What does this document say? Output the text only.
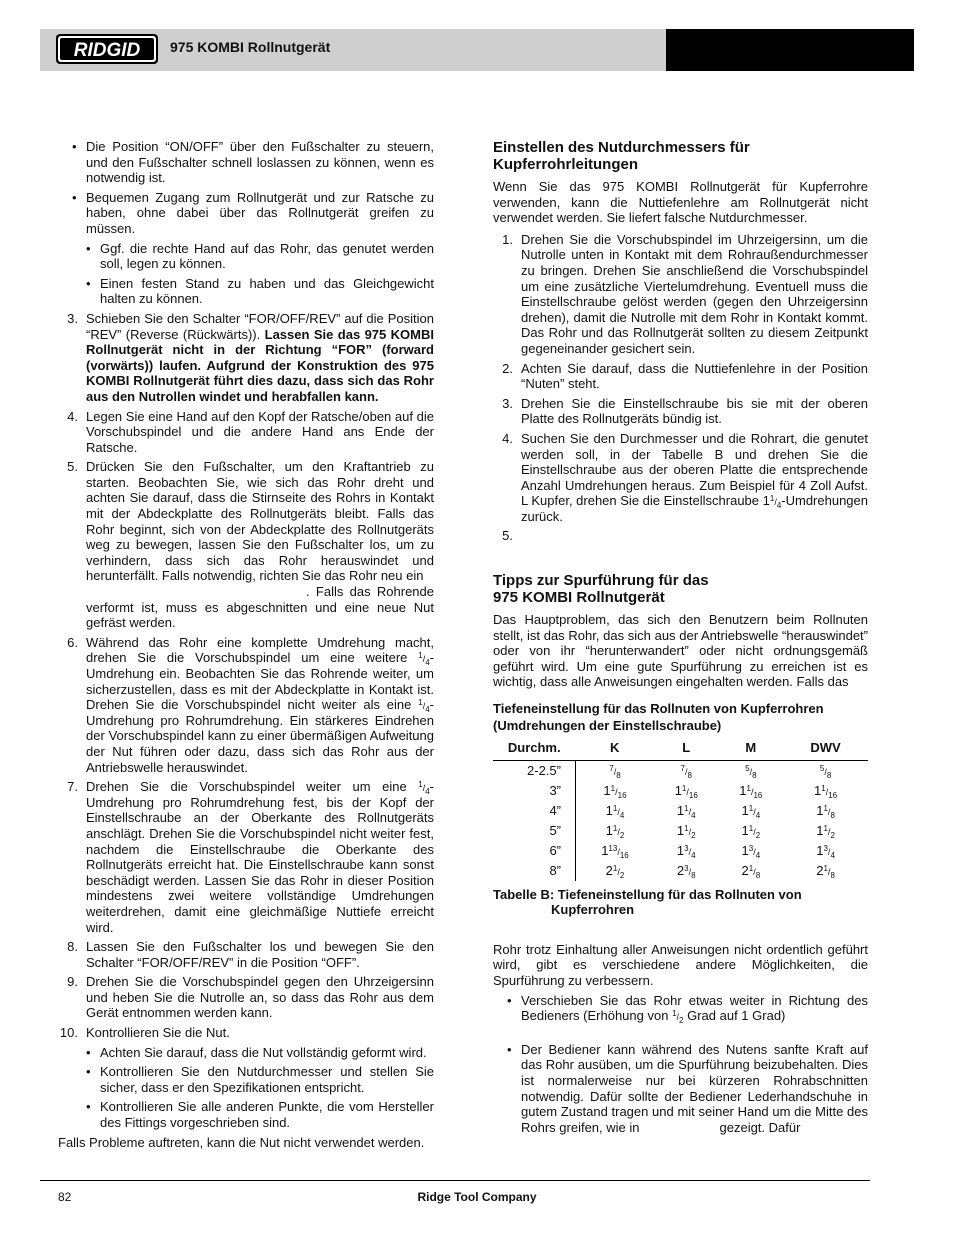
RIDGID 975 KOMBI Rollnutgerät
• Die Position “ON/OFF” über den Fußschalter zu steuern, und den Fußschalter schnell loslassen zu können, wenn es notwendig ist.
• Bequemen Zugang zum Rollnutgerät und zur Ratsche zu haben, ohne dabei über das Rollnutgerät greifen zu müssen.
• Ggf. die rechte Hand auf das Rohr, das genutet werden soll, legen zu können.
• Einen festen Stand zu haben und das Gleichgewicht halten zu können.
3. Schieben Sie den Schalter “FOR/OFF/REV” auf die Position “REV” (Reverse (Rückwärts)). Lassen Sie das 975 KOMBI Rollnutgerät nicht in der Richtung “FOR” (forward (vorwärts)) laufen. Aufgrund der Konstruktion des 975 KOMBI Rollnutgerät führt dies dazu, dass sich das Rohr aus den Nutrollen windet und herabfallen kann.
4. Legen Sie eine Hand auf den Kopf der Ratsche/oben auf die Vorschubspindel und die andere Hand ans Ende der Ratsche.
5. Drücken Sie den Fußschalter, um den Kraftantrieb zu starten. Beobachten Sie, wie sich das Rohr dreht und achten Sie darauf, dass die Stirnseite des Rohrs in Kontakt mit der Abdeckplatte des Rollnutgeräts bleibt. Falls das Rohr beginnt, sich von der Abdeckplatte des Rollnutgeräts weg zu bewegen, lassen Sie den Fußschalter los, um zu verhindern, dass sich das Rohr herauswindet und herunterfällt. Falls notwendig, richten Sie das Rohr neu ein
. Falls das Rohrende verformt ist, muss es abgeschnitten und eine neue Nut gefräst werden.
6. Während das Rohr eine komplette Umdrehung macht, drehen Sie die Vorschubspindel um eine weitere $^1/_4$-Umdrehung ein. Beobachten Sie das Rohrende weiter, um sicherzustellen, dass es mit der Abdeckplatte in Kontakt ist. Drehen Sie die Vorschubspindel nicht weiter als eine $^1/_4$-Umdrehung pro Rohrumdrehung. Ein stärkeres Eindrehen der Vorschubspindel kann zu einer übermäßigen Aufweitung der Nut führen oder dazu, dass sich das Rohr aus der Antriebswelle herauswindet.
7. Drehen Sie die Vorschubspindel weiter um eine $^1/_4$-Umdrehung pro Rohrumdrehung fest, bis der Kopf der Einstellschraube an der Oberkante des Rollnutgeräts anschlägt. Drehen Sie die Vorschubspindel nicht weiter fest, nachdem die Einstellschraube die Oberkante des Rollnutgeräts erreicht hat. Die Einstellschraube kann sonst beschädigt werden. Lassen Sie das Rohr in dieser Position mindestens zwei weitere vollständige Umdrehungen weiterdrehen, damit eine gleichmäßige Nuttiefe erreicht wird.
8. Lassen Sie den Fußschalter los und bewegen Sie den Schalter “FOR/OFF/REV” in die Position “OFF”.
9. Drehen Sie die Vorschubspindel gegen den Uhrzeigersinn und heben Sie die Nutrolle an, so dass das Rohr aus dem Gerät entnommen werden kann.
10. Kontrollieren Sie die Nut.
• Achten Sie darauf, dass die Nut vollständig geformt wird.
• Kontrollieren Sie den Nutdurchmesser und stellen Sie sicher, dass er den Spezifikationen entspricht.
• Kontrollieren Sie alle anderen Punkte, die vom Hersteller des Fittings vorgeschrieben sind.

Falls Probleme auftreten, kann die Nut nicht verwendet werden.

Einstellen des Nutdurchmessers für Kupferrohrleitungen

Wenn Sie das 975 KOMBI Rollnutgerät für Kupferrohre verwenden, kann die Nuttiefenlehre am Rollnutgerät nicht verwendet werden. Sie liefert falsche Nutdurchmesser.

1. Drehen Sie die Vorschubspindel im Uhrzeigersinn, um die Nutrolle unten in Kontakt mit dem Rohraußendurchmesser zu bringen. Drehen Sie anschließend die Vorschubspindel um eine zusätzliche Viertelumdrehung. Eventuell muss die Einstellschraube gelöst werden (gegen den Uhrzeigersinn drehen), damit die Nutrolle mit dem Rohr in Kontakt kommt. Das Rohr und das Rollnutgerät sollten zu diesem Zeitpunkt gegeneinander gesichert sein.
2. Achten Sie darauf, dass die Nuttiefenlehre in der Position “Nuten” steht.
3. Drehen Sie die Einstellschraube bis sie mit der oberen Platte des Rollnutgeräts bündig ist.
4. Suchen Sie den Durchmesser und die Rohrart, die genutet werden soll, in der Tabelle B und drehen Sie die Einstellschraube aus der oberen Platte die entsprechende Anzahl Umdrehungen heraus. Zum Beispiel für 4 Zoll Aufst. L Kupfer, drehen Sie die Einstellschraube $1^1/_4$-Umdrehungen zurück.
5.

Tipps zur Spurführung für das
975 KOMBI Rollnutgerät

Das Hauptproblem, das sich den Benutzern beim Rollnuten stellt, ist das Rohr, das sich aus der Antriebswelle “herauswindet” oder von ihr “herunterwandert” oder nicht ordnungsgemäß geführt wird. Um eine gute Spurführung zu erreichen ist es wichtig, dass alle Anweisungen eingehalten werden. Falls das

Tiefeneinstellung für das Rollnuten von Kupferrohren
(Umdrehungen der Einstellschraube)
Durchm.	K	L	M	DWV
2-2.5”	$^7/_8$	$^7/_8$	$^5/_8$	$^5/_8$
3”	$1^1/_{16}$	$1^1/_{16}$	$1^1/_{16}$	$1^1/_{16}$
4”	$1^1/_4$	$1^1/_4$	$1^1/_4$	$1^1/_8$
5”	$1^1/_2$	$1^1/_2$	$1^1/_2$	$1^1/_2$
6”	$1^{13}/_{16}$	$1^3/_4$	$1^3/_4$	$1^3/_4$
8”	$2^1/_2$	$2^3/_8$	$2^1/_8$	$2^1/_8$
Tabelle B: Tiefeneinstellung für das Rollnuten von
Kupferrohren

Rohr trotz Einhaltung aller Anweisungen nicht ordentlich geführt wird, gibt es verschiedene andere Möglichkeiten, die Spurführung zu verbessern.

• Verschieben Sie das Rohr etwas weiter in Richtung des Bedieners (Erhöhung von $^1/_2$ Grad auf 1 Grad)
• Der Bediener kann während des Nutens sanfte Kraft auf das Rohr ausüben, um die Spurführung beizubehalten. Dies ist normalerweise nur bei kürzeren Rohrabschnitten notwendig. Dafür sollte der Bediener Lederhandschuhe in gutem Zustand tragen und mit seiner Hand um die Mitte des Rohrs greifen, wie in	gezeigt. Dafür
82	Ridge Tool Company
